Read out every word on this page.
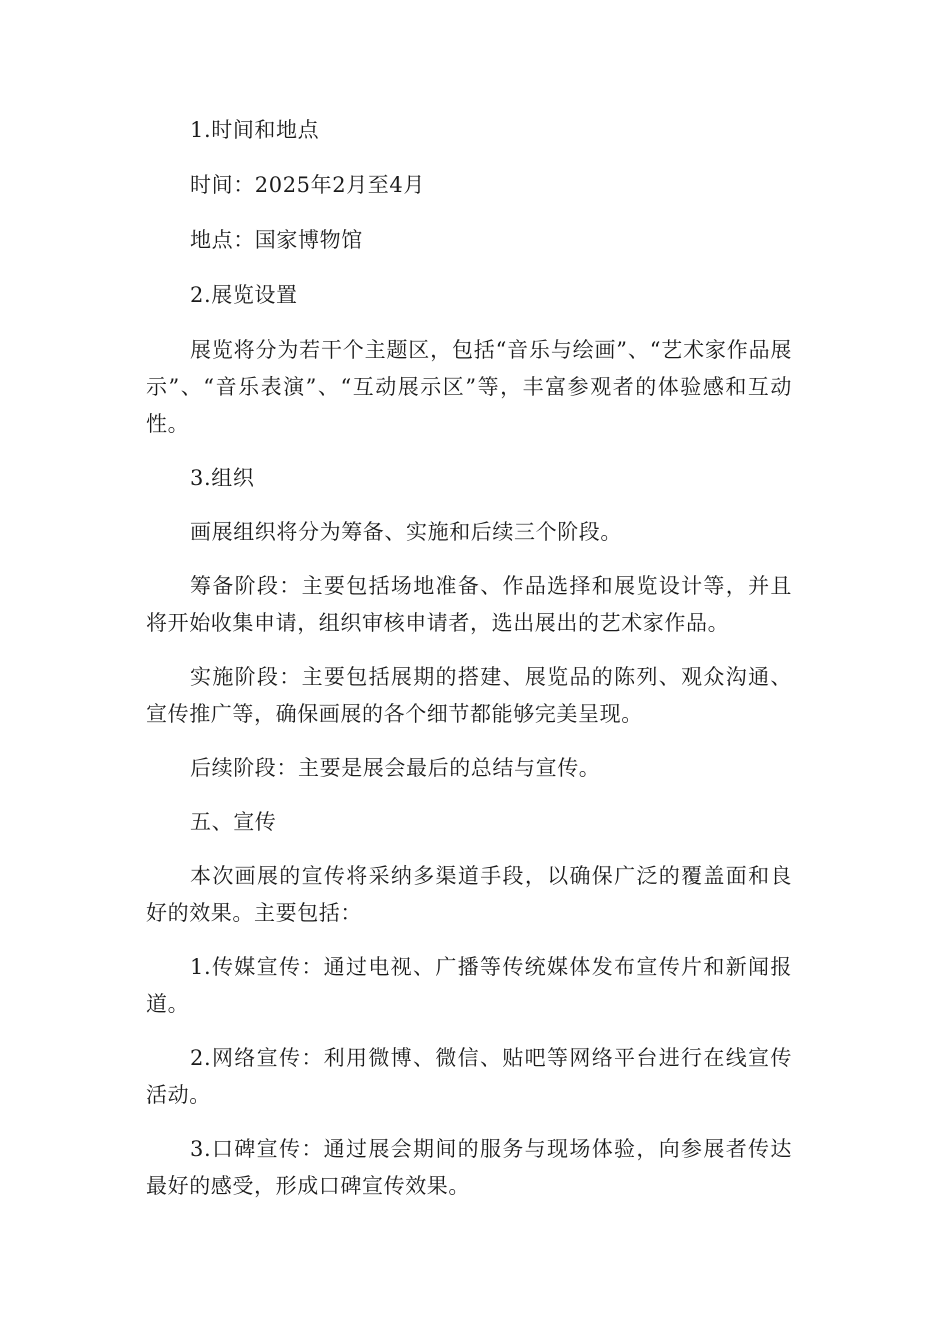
1.时间和地点

时间：2025年2月至4月

地点：国家博物馆

2.展览设置

展览将分为若干个主题区，包括“音乐与绘画”、“艺术家作品展示”、“音乐表演”、“互动展示区”等，丰富参观者的体验感和互动性。

3.组织

画展组织将分为筹备、实施和后续三个阶段。

筹备阶段：主要包括场地准备、作品选择和展览设计等，并且将开始收集申请，组织审核申请者，选出展出的艺术家作品。

实施阶段：主要包括展期的搭建、展览品的陈列、观众沟通、宣传推广等，确保画展的各个细节都能够完美呈现。

后续阶段：主要是展会最后的总结与宣传。

五、宣传

本次画展的宣传将采纳多渠道手段，以确保广泛的覆盖面和良好的效果。主要包括：

1.传媒宣传：通过电视、广播等传统媒体发布宣传片和新闻报道。

2.网络宣传：利用微博、微信、贴吧等网络平台进行在线宣传活动。

3.口碑宣传：通过展会期间的服务与现场体验，向参展者传达最好的感受，形成口碑宣传效果。
